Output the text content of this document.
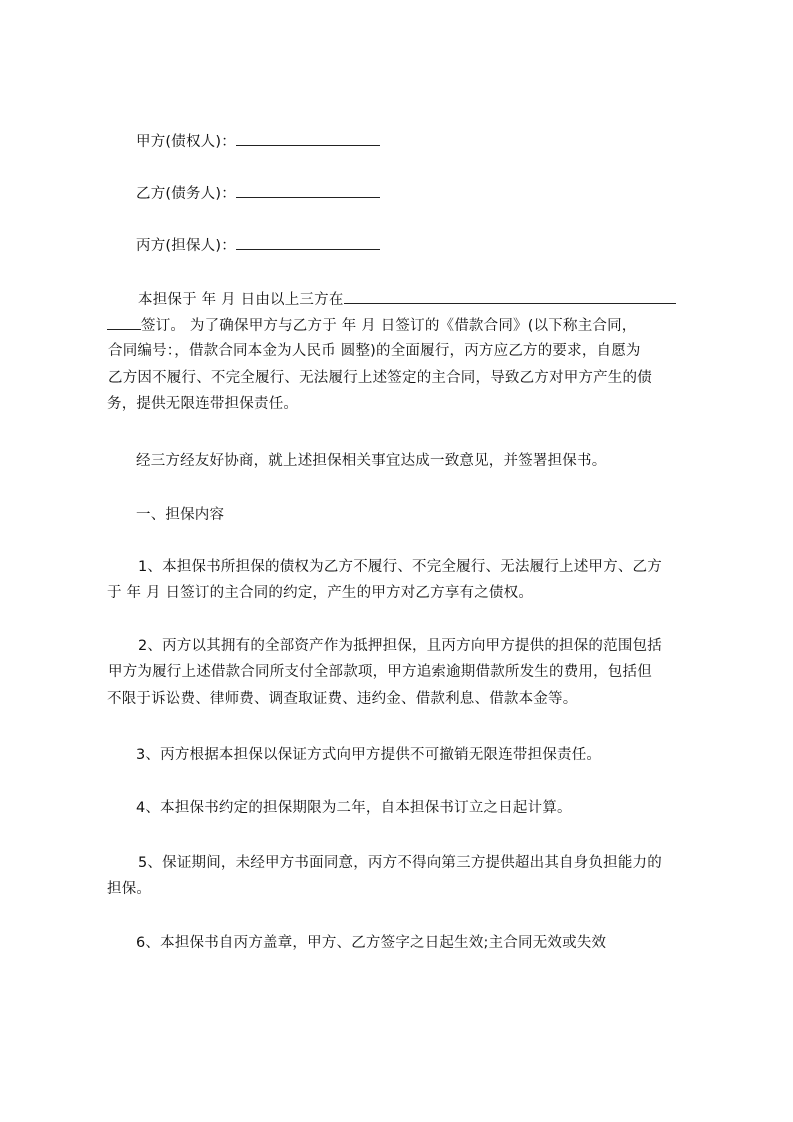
甲方(债权人)：
乙方(债务人)：
丙方(担保人)：
本担保于 年 月 日由以上三方在
签订。 为了确保甲方与乙方于 年 月 日签订的《借款合同》(以下称主合同，
合同编号：，借款合同本金为人民币 圆整)的全面履行，丙方应乙方的要求，自愿为
乙方因不履行、不完全履行、无法履行上述签定的主合同，导致乙方对甲方产生的债
务，提供无限连带担保责任。
经三方经友好协商，就上述担保相关事宜达成一致意见，并签署担保书。
一、担保内容
1、本担保书所担保的债权为乙方不履行、不完全履行、无法履行上述甲方、乙方
于 年 月 日签订的主合同的约定，产生的甲方对乙方享有之债权。
2、丙方以其拥有的全部资产作为抵押担保，且丙方向甲方提供的担保的范围包括
甲方为履行上述借款合同所支付全部款项，甲方追索逾期借款所发生的费用，包括但
不限于诉讼费、律师费、调查取证费、违约金、借款利息、借款本金等。
3、丙方根据本担保以保证方式向甲方提供不可撤销无限连带担保责任。
4、本担保书约定的担保期限为二年，自本担保书订立之日起计算。
5、保证期间，未经甲方书面同意，丙方不得向第三方提供超出其自身负担能力的
担保。
6、本担保书自丙方盖章，甲方、乙方签字之日起生效;主合同无效或失效
